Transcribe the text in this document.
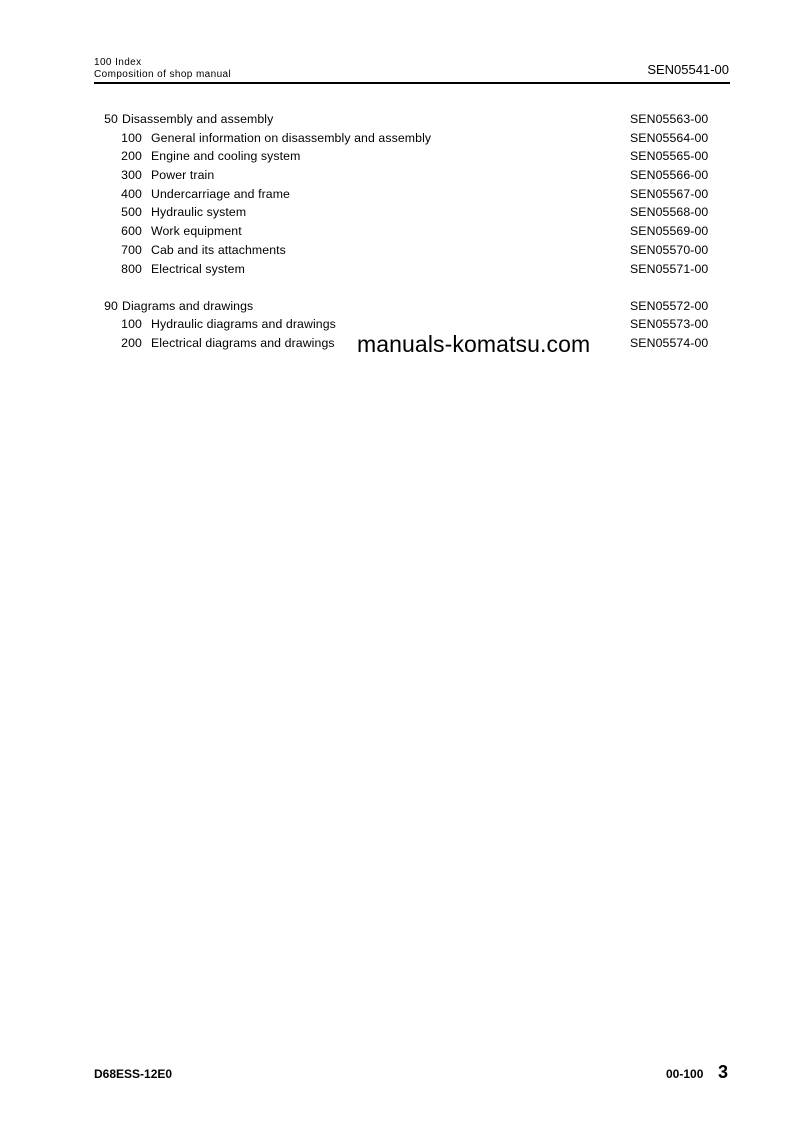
100 Index
Composition of shop manual	SEN05541-00
50 Disassembly and assembly	SEN05563-00
100 General information on disassembly and assembly	SEN05564-00
200 Engine and cooling system	SEN05565-00
300 Power train	SEN05566-00
400 Undercarriage and frame	SEN05567-00
500 Hydraulic system	SEN05568-00
600 Work equipment	SEN05569-00
700 Cab and its attachments	SEN05570-00
800 Electrical system	SEN05571-00
90 Diagrams and drawings	SEN05572-00
100 Hydraulic diagrams and drawings	SEN05573-00
200 Electrical diagrams and drawings	SEN05574-00
manuals-komatsu.com
D68ESS-12E0	00-100 3
